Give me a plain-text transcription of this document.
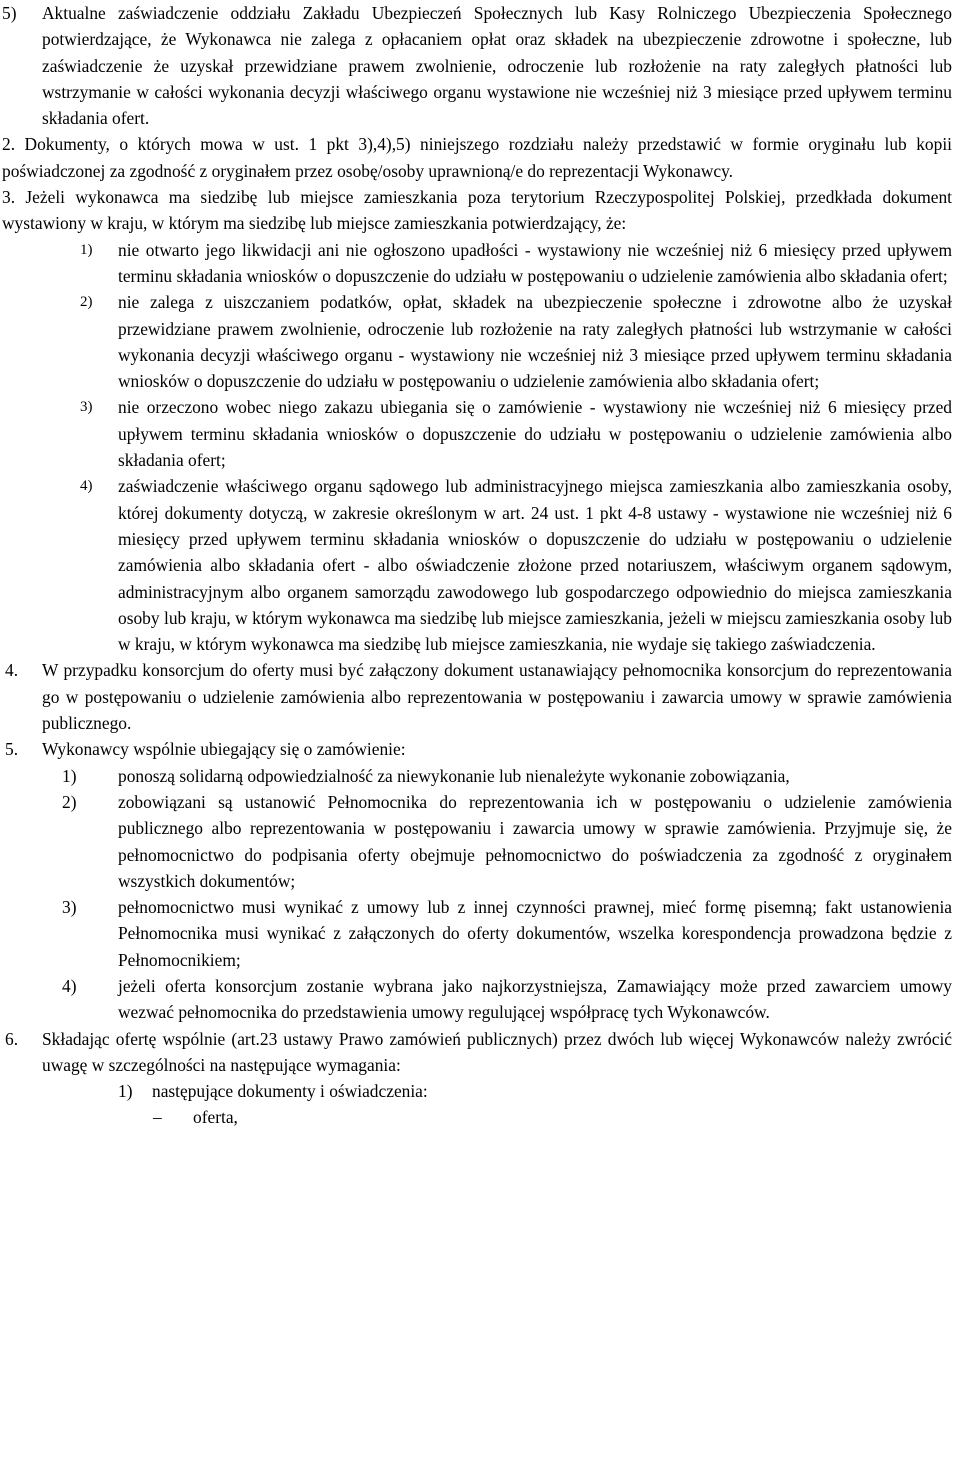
5) Aktualne zaświadczenie oddziału Zakładu Ubezpieczeń Społecznych lub Kasy Rolniczego Ubezpieczenia Społecznego potwierdzające, że Wykonawca nie zalega z opłacaniem opłat oraz składek na ubezpieczenie zdrowotne i społeczne, lub zaświadczenie że uzyskał przewidziane prawem zwolnienie, odroczenie lub rozłożenie na raty zaległych płatności lub wstrzymanie w całości wykonania decyzji właściwego organu wystawione nie wcześniej niż 3 miesiące przed upływem terminu składania ofert.
2. Dokumenty, o których mowa w ust. 1 pkt 3),4),5) niniejszego rozdziału należy przedstawić w formie oryginału lub kopii poświadczonej za zgodność z oryginałem przez osobę/osoby uprawnioną/e do reprezentacji Wykonawcy.
3. Jeżeli wykonawca ma siedzibę lub miejsce zamieszkania poza terytorium Rzeczypospolitej Polskiej, przedkłada dokument wystawiony w kraju, w którym ma siedzibę lub miejsce zamieszkania potwierdzający, że:
1) nie otwarto jego likwidacji ani nie ogłoszono upadłości - wystawiony nie wcześniej niż 6 miesięcy przed upływem terminu składania wniosków o dopuszczenie do udziału w postępowaniu o udzielenie zamówienia albo składania ofert;
2) nie zalega z uiszczaniem podatków, opłat, składek na ubezpieczenie społeczne i zdrowotne albo że uzyskał przewidziane prawem zwolnienie, odroczenie lub rozłożenie na raty zaległych płatności lub wstrzymanie w całości wykonania decyzji właściwego organu - wystawiony nie wcześniej niż 3 miesiące przed upływem terminu składania wniosków o dopuszczenie do udziału w postępowaniu o udzielenie zamówienia albo składania ofert;
3) nie orzeczono wobec niego zakazu ubiegania się o zamówienie - wystawiony nie wcześniej niż 6 miesięcy przed upływem terminu składania wniosków o dopuszczenie do udziału w postępowaniu o udzielenie zamówienia albo składania ofert;
4) zaświadczenie właściwego organu sądowego lub administracyjnego miejsca zamieszkania albo zamieszkania osoby, której dokumenty dotyczą, w zakresie określonym w art. 24 ust. 1 pkt 4-8 ustawy - wystawione nie wcześniej niż 6 miesięcy przed upływem terminu składania wniosków o dopuszczenie do udziału w postępowaniu o udzielenie zamówienia albo składania ofert - albo oświadczenie złożone przed notariuszem, właściwym organem sądowym, administracyjnym albo organem samorządu zawodowego lub gospodarczego odpowiednio do miejsca zamieszkania osoby lub kraju, w którym wykonawca ma siedzibę lub miejsce zamieszkania, jeżeli w miejscu zamieszkania osoby lub w kraju, w którym wykonawca ma siedzibę lub miejsce zamieszkania, nie wydaje się takiego zaświadczenia.
4. W przypadku konsorcjum do oferty musi być załączony dokument ustanawiający pełnomocnika konsorcjum do reprezentowania go w postępowaniu o udzielenie zamówienia albo reprezentowania w postępowaniu i zawarcia umowy w sprawie zamówienia publicznego.
5. Wykonawcy wspólnie ubiegający się o zamówienie:
1) ponoszą solidarną odpowiedzialność za niewykonanie lub nienależyte wykonanie zobowiązania,
2) zobowiązani są ustanowić Pełnomocnika do reprezentowania ich w postępowaniu o udzielenie zamówienia publicznego albo reprezentowania w postępowaniu i zawarcia umowy w sprawie zamówienia. Przyjmuje się, że pełnomocnictwo do podpisania oferty obejmuje pełnomocnictwo do poświadczenia za zgodność z oryginałem wszystkich dokumentów;
3) pełnomocnictwo musi wynikać z umowy lub z innej czynności prawnej, mieć formę pisemną; fakt ustanowienia Pełnomocnika musi wynikać z załączonych do oferty dokumentów, wszelka korespondencja prowadzona będzie z Pełnomocnikiem;
4) jeżeli oferta konsorcjum zostanie wybrana jako najkorzystniejsza, Zamawiający może przed zawarciem umowy wezwać pełnomocnika do przedstawienia umowy regulującej współpracę tych Wykonawców.
6. Składając ofertę wspólnie (art.23 ustawy Prawo zamówień publicznych) przez dwóch lub więcej Wykonawców należy zwrócić uwagę w szczególności na następujące wymagania:
1) następujące dokumenty i oświadczenia:
– oferta,
